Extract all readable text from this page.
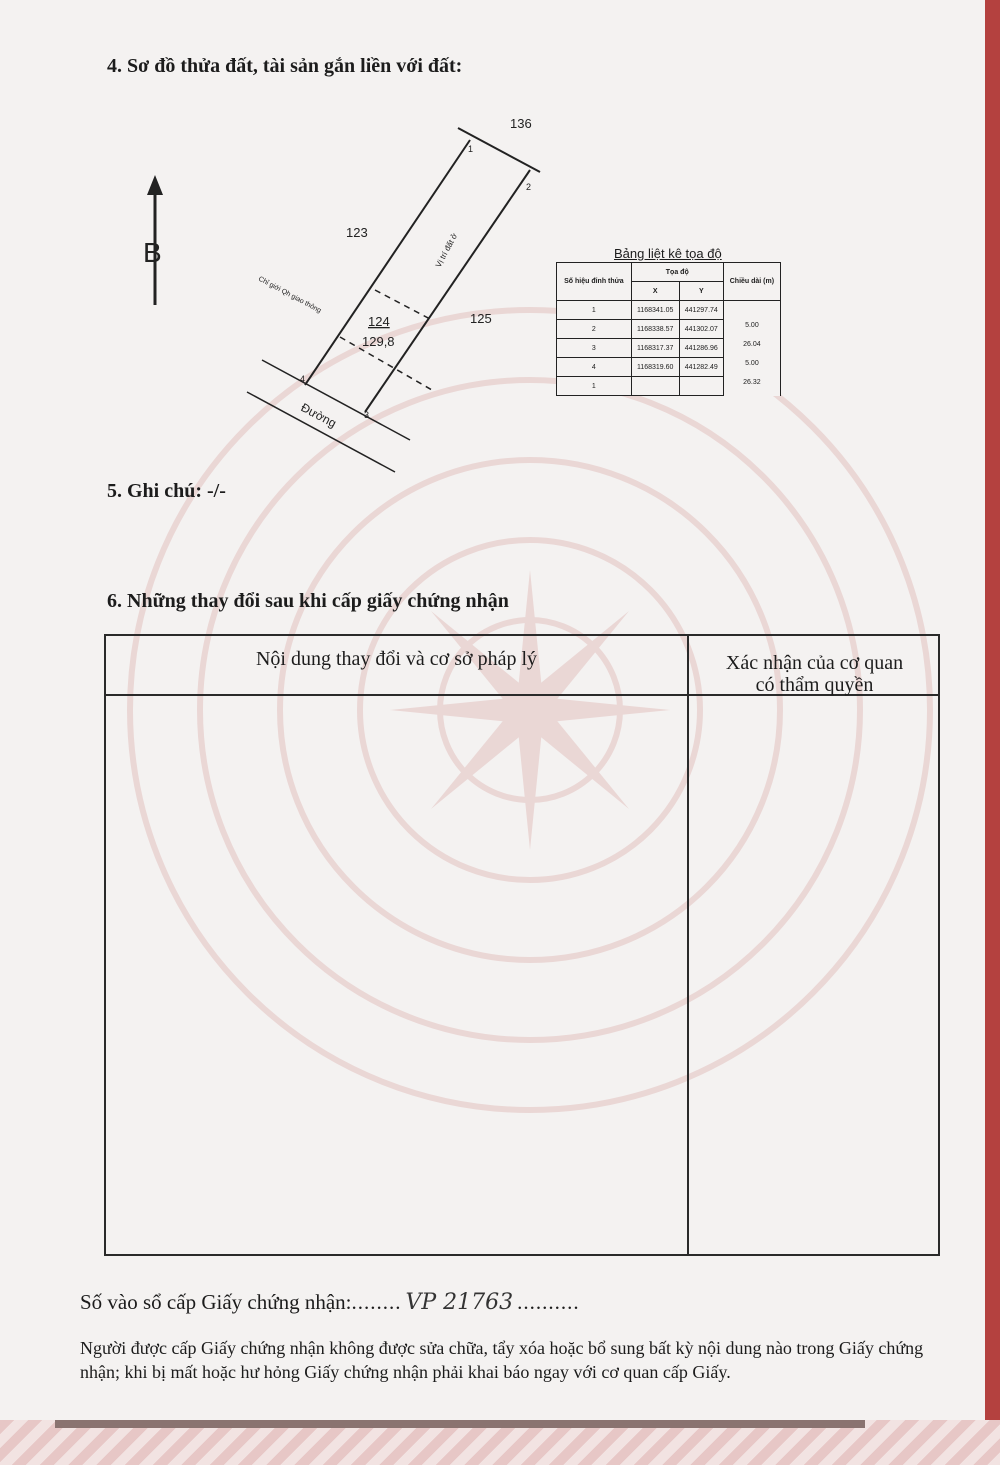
4. Sơ đồ thửa đất, tài sản gắn liền với đất:
B
136
123
125
124
129,8
Vị trí đất ở
Chỉ giới Qh giao thông
Đường
1
2
3
4
Bảng liệt kê tọa độ
Số hiệu đỉnh thửa	Tọa độ		Chiều dài (m)
	X	Y	
1	1168341.05	441297.74	
2	1168338.57	441302.07	5.00
3	1168317.37	441286.96	26.04
4	1168319.60	441282.49	5.00
1			26.32
5. Ghi chú: -/-
6. Những thay đổi sau khi cấp giấy chứng nhận
Nội dung thay đổi và cơ sở pháp lý	Xác nhận của cơ quan
có thẩm quyền
Số vào sổ cấp Giấy chứng nhận:........ VP 21763 ..........
Người được cấp Giấy chứng nhận không được sửa chữa, tẩy xóa hoặc bổ sung bất kỳ nội dung nào trong Giấy chứng nhận; khi bị mất hoặc hư hỏng Giấy chứng nhận phải khai báo ngay với cơ quan cấp Giấy.
